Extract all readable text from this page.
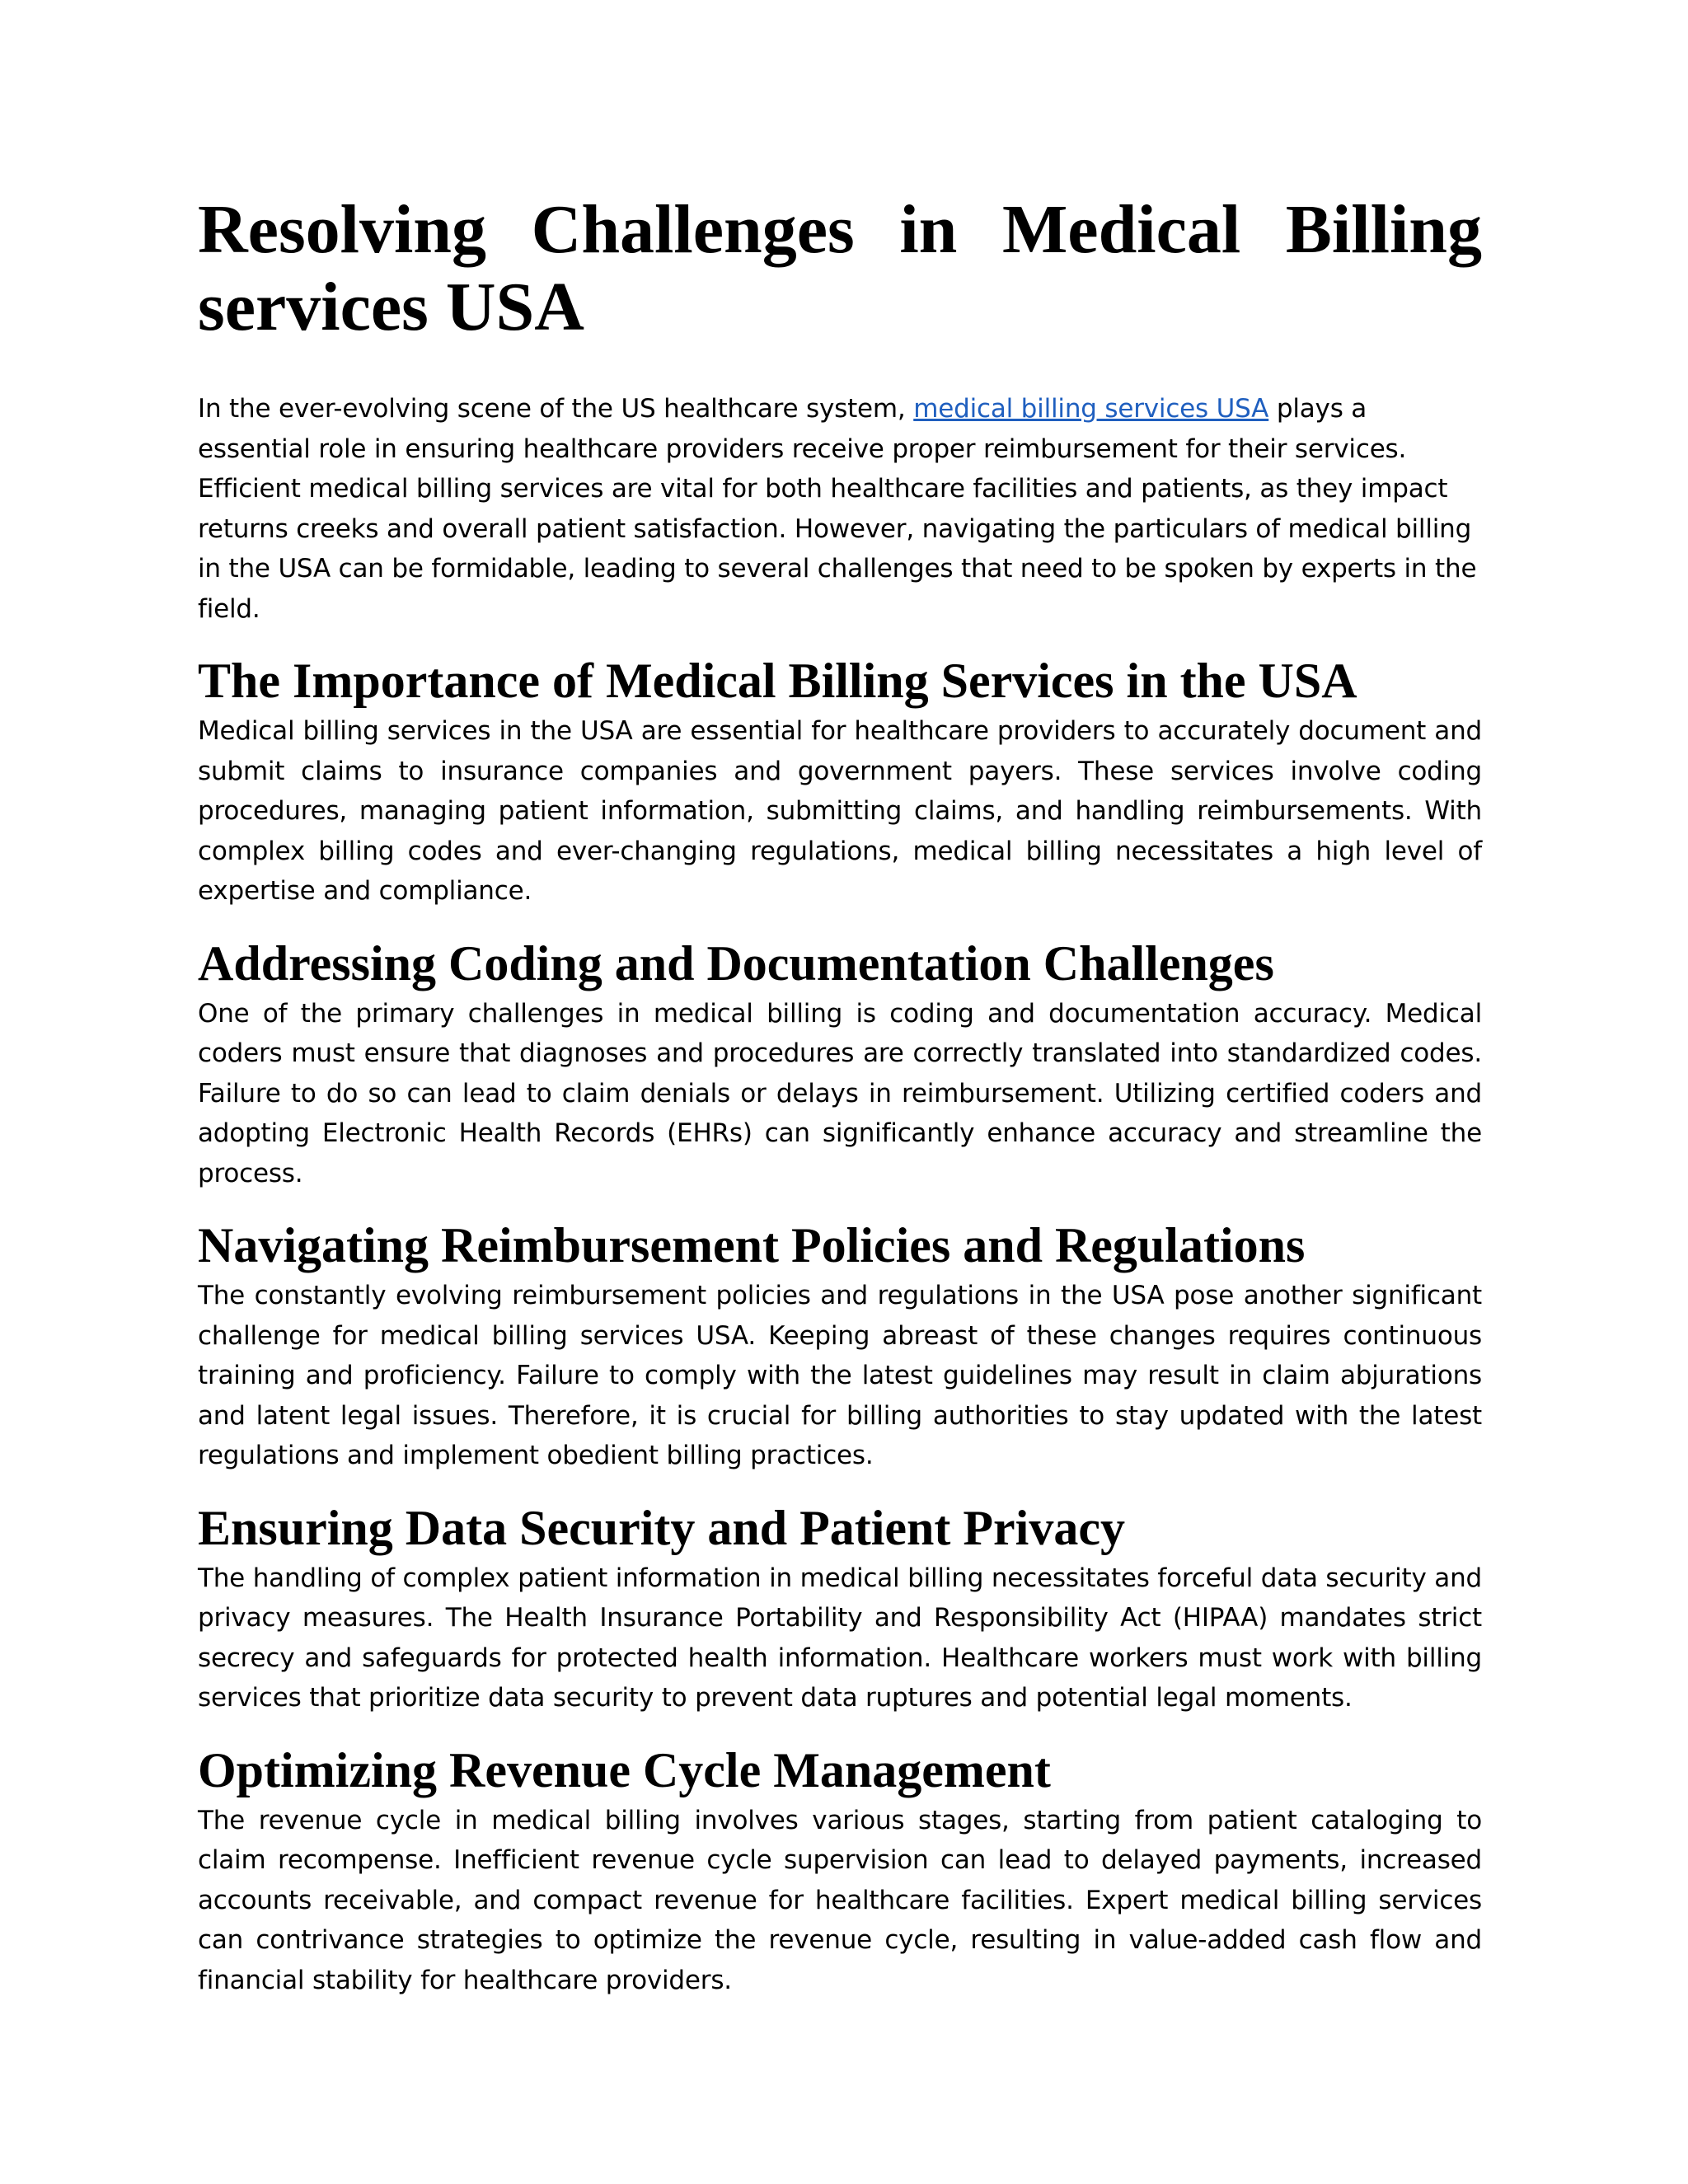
Resolving Challenges in Medical Billing services USA

In the ever-evolving scene of the US healthcare system, medical billing services USA plays a essential role in ensuring healthcare providers receive proper reimbursement for their services. Efficient medical billing services are vital for both healthcare facilities and patients, as they impact returns creeks and overall patient satisfaction. However, navigating the particulars of medical billing in the USA can be formidable, leading to several challenges that need to be spoken by experts in the field.

The Importance of Medical Billing Services in the USA

Medical billing services in the USA are essential for healthcare providers to accurately document and submit claims to insurance companies and government payers. These services involve coding procedures, managing patient information, submitting claims, and handling reimbursements. With complex billing codes and ever-changing regulations, medical billing necessitates a high level of expertise and compliance.

Addressing Coding and Documentation Challenges

One of the primary challenges in medical billing is coding and documentation accuracy. Medical coders must ensure that diagnoses and procedures are correctly translated into standardized codes. Failure to do so can lead to claim denials or delays in reimbursement. Utilizing certified coders and adopting Electronic Health Records (EHRs) can significantly enhance accuracy and streamline the process.

Navigating Reimbursement Policies and Regulations

The constantly evolving reimbursement policies and regulations in the USA pose another significant challenge for medical billing services USA. Keeping abreast of these changes requires continuous training and proficiency. Failure to comply with the latest guidelines may result in claim abjurations and latent legal issues. Therefore, it is crucial for billing authorities to stay updated with the latest regulations and implement obedient billing practices.

Ensuring Data Security and Patient Privacy

The handling of complex patient information in medical billing necessitates forceful data security and privacy measures. The Health Insurance Portability and Responsibility Act (HIPAA) mandates strict secrecy and safeguards for protected health information. Healthcare workers must work with billing services that prioritize data security to prevent data ruptures and potential legal moments.

Optimizing Revenue Cycle Management

The revenue cycle in medical billing involves various stages, starting from patient cataloging to claim recompense. Inefficient revenue cycle supervision can lead to delayed payments, increased accounts receivable, and compact revenue for healthcare facilities. Expert medical billing services can contrivance strategies to optimize the revenue cycle, resulting in value-added cash flow and financial stability for healthcare providers.
